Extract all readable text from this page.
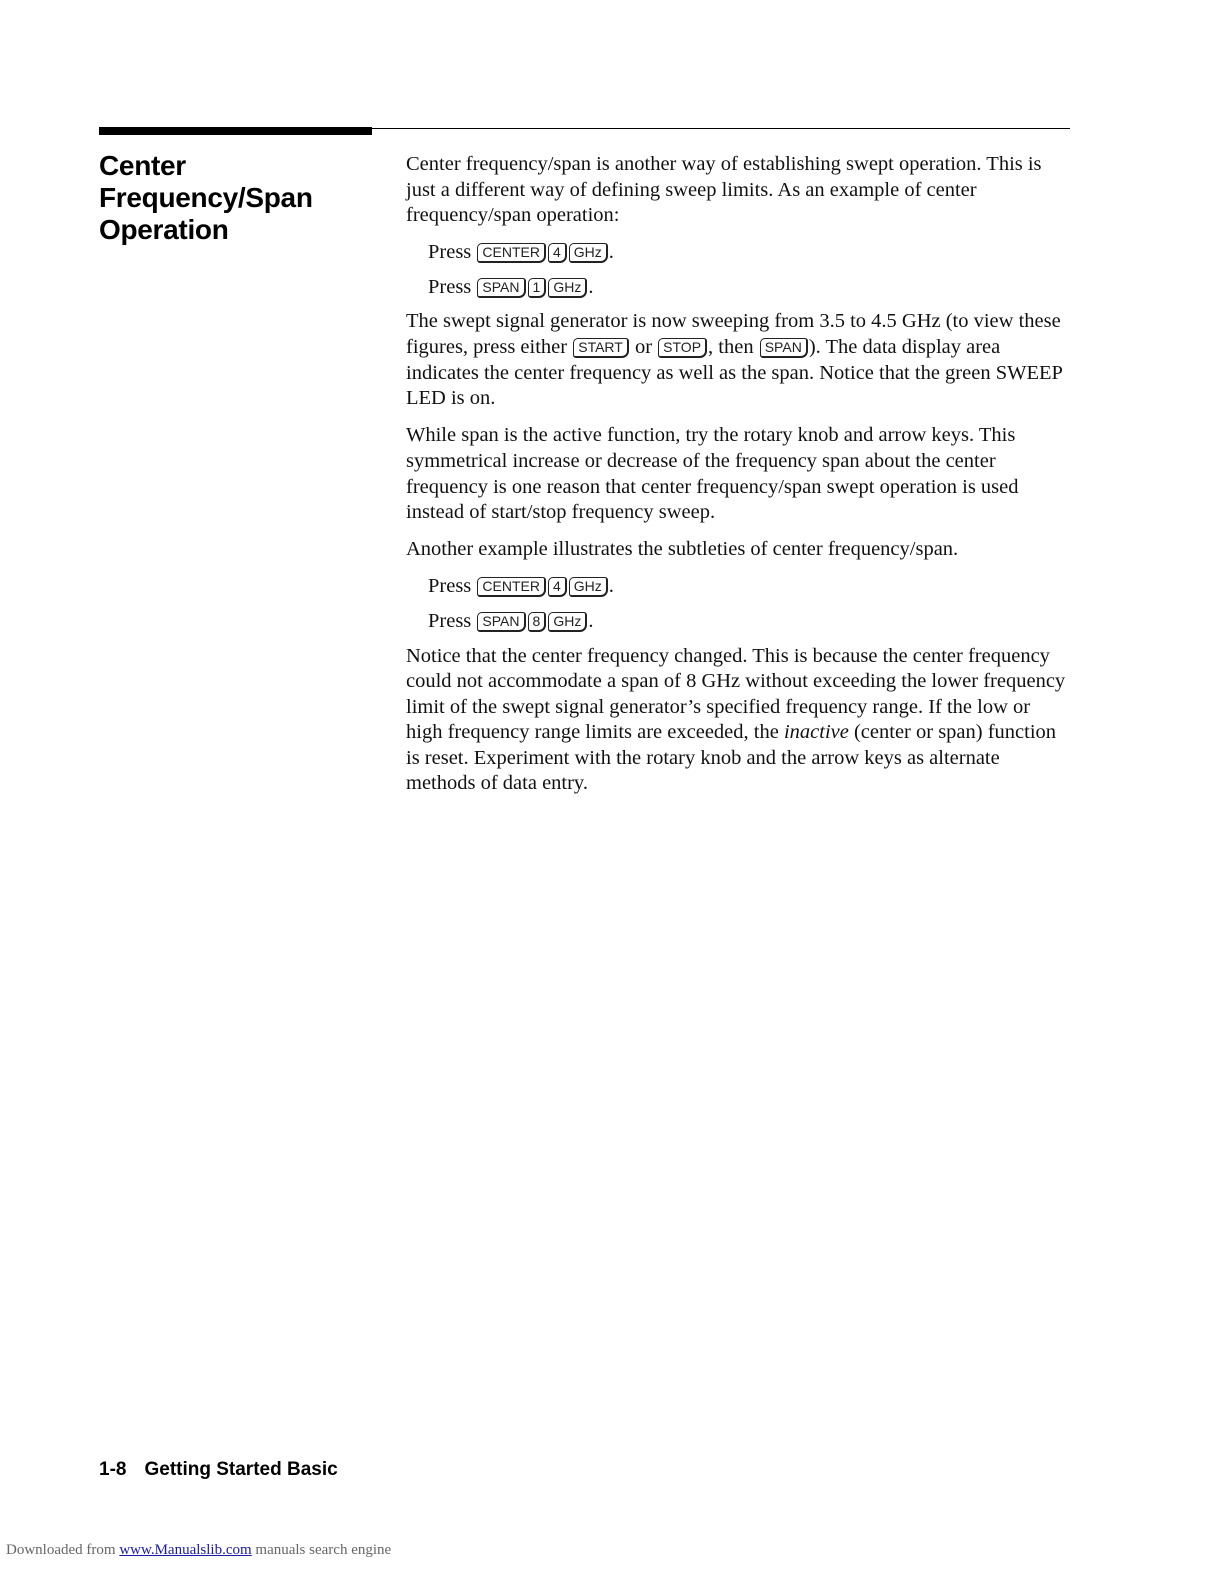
Center
Frequency/Span
Operation

Center frequency/span is another way of establishing swept operation. This is just a different way of defining sweep limits. As an example of center frequency/span operation:

Press CENTER 4 GHz .

Press SPAN 1 GHz .

The swept signal generator is now sweeping from 3.5 to 4.5 GHz (to view these figures, press either START or STOP , then SPAN ). The data display area indicates the center frequency as well as the span. Notice that the green SWEEP LED is on.

While span is the active function, try the rotary knob and arrow keys. This symmetrical increase or decrease of the frequency span about the center frequency is one reason that center frequency/span swept operation is used instead of start/stop frequency sweep.

Another example illustrates the subtleties of center frequency/span.

Press CENTER 4 GHz .

Press SPAN 8 GHz .

Notice that the center frequency changed. This is because the center frequency could not accommodate a span of 8 GHz without exceeding the lower frequency limit of the swept signal generator’s specified frequency range. If the low or high frequency range limits are exceeded, the inactive (center or span) function is reset. Experiment with the rotary knob and the arrow keys as alternate methods of data entry.

1-8 Getting Started Basic
Downloaded from www.Manualslib.com manuals search engine
